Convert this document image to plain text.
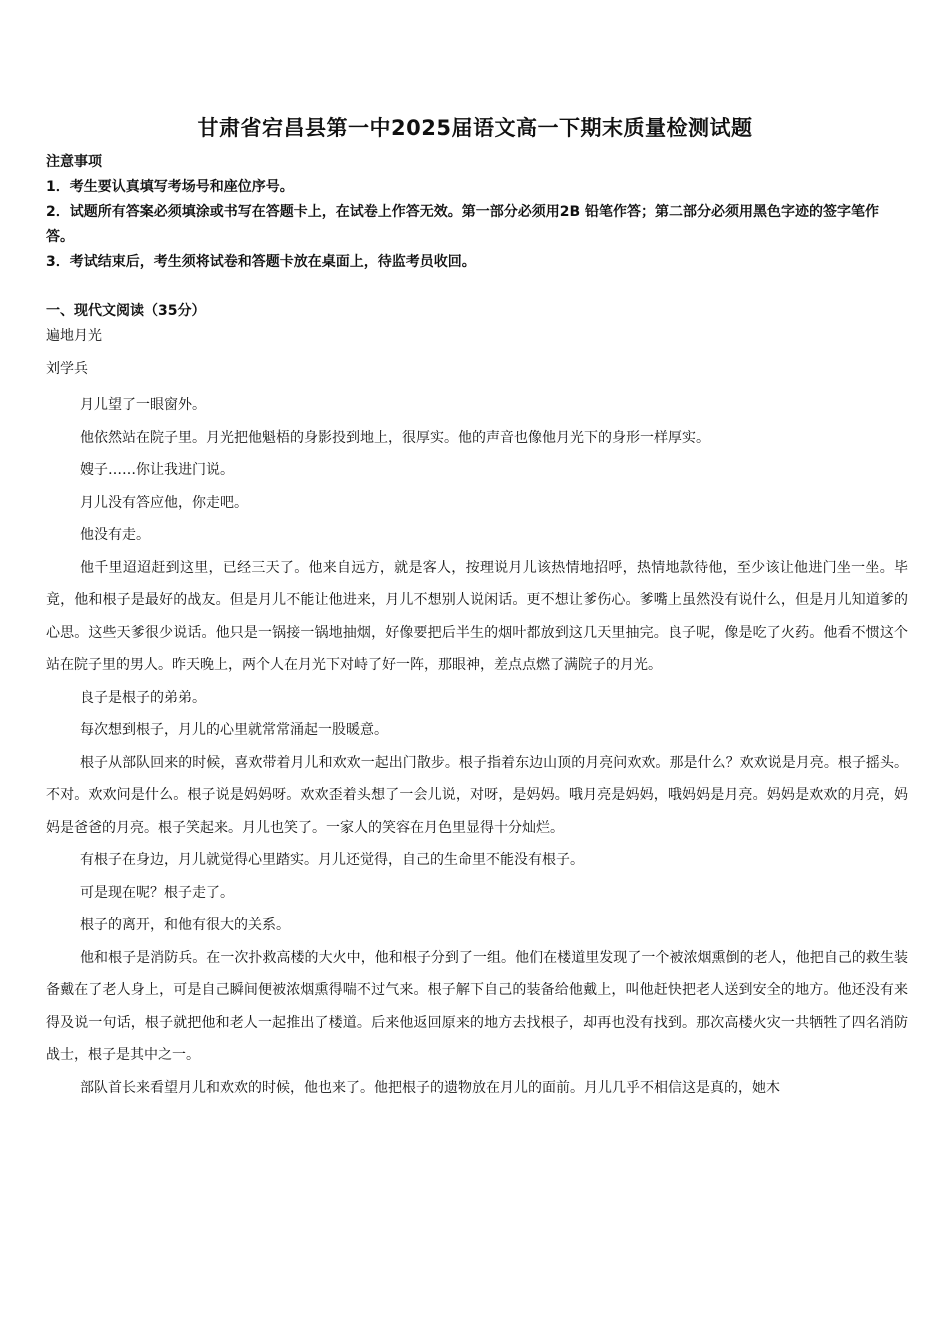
甘肃省宕昌县第一中2025届语文高一下期末质量检测试题

注意事项

1．考生要认真填写考场号和座位序号。

2．试题所有答案必须填涂或书写在答题卡上，在试卷上作答无效。第一部分必须用2B 铅笔作答；第二部分必须用黑色字迹的签字笔作答。

3．考试结束后，考生须将试卷和答题卡放在桌面上，待监考员收回。

一、现代文阅读（35分）
遍地月光
刘学兵

月儿望了一眼窗外。

他依然站在院子里。月光把他魁梧的身影投到地上，很厚实。他的声音也像他月光下的身形一样厚实。

嫂子……你让我进门说。

月儿没有答应他，你走吧。

他没有走。

他千里迢迢赶到这里，已经三天了。他来自远方，就是客人，按理说月儿该热情地招呼，热情地款待他，至少该让他进门坐一坐。毕竟，他和根子是最好的战友。但是月儿不能让他进来，月儿不想别人说闲话。更不想让爹伤心。爹嘴上虽然没有说什么，但是月儿知道爹的心思。这些天爹很少说话。他只是一锅接一锅地抽烟，好像要把后半生的烟叶都放到这几天里抽完。良子呢，像是吃了火药。他看不惯这个站在院子里的男人。昨天晚上，两个人在月光下对峙了好一阵，那眼神，差点点燃了满院子的月光。

良子是根子的弟弟。

每次想到根子，月儿的心里就常常涌起一股暖意。

根子从部队回来的时候，喜欢带着月儿和欢欢一起出门散步。根子指着东边山顶的月亮问欢欢。那是什么？欢欢说是月亮。根子摇头。不对。欢欢问是什么。根子说是妈妈呀。欢欢歪着头想了一会儿说，对呀，是妈妈。哦月亮是妈妈，哦妈妈是月亮。妈妈是欢欢的月亮，妈妈是爸爸的月亮。根子笑起来。月儿也笑了。一家人的笑容在月色里显得十分灿烂。

有根子在身边，月儿就觉得心里踏实。月儿还觉得，自己的生命里不能没有根子。

可是现在呢？根子走了。

根子的离开，和他有很大的关系。

他和根子是消防兵。在一次扑救高楼的大火中，他和根子分到了一组。他们在楼道里发现了一个被浓烟熏倒的老人，他把自己的救生装备戴在了老人身上，可是自己瞬间便被浓烟熏得喘不过气来。根子解下自己的装备给他戴上，叫他赶快把老人送到安全的地方。他还没有来得及说一句话，根子就把他和老人一起推出了楼道。后来他返回原来的地方去找根子，却再也没有找到。那次高楼火灾一共牺牲了四名消防战士，根子是其中之一。

部队首长来看望月儿和欢欢的时候，他也来了。他把根子的遗物放在月儿的面前。月儿几乎不相信这是真的，她木
